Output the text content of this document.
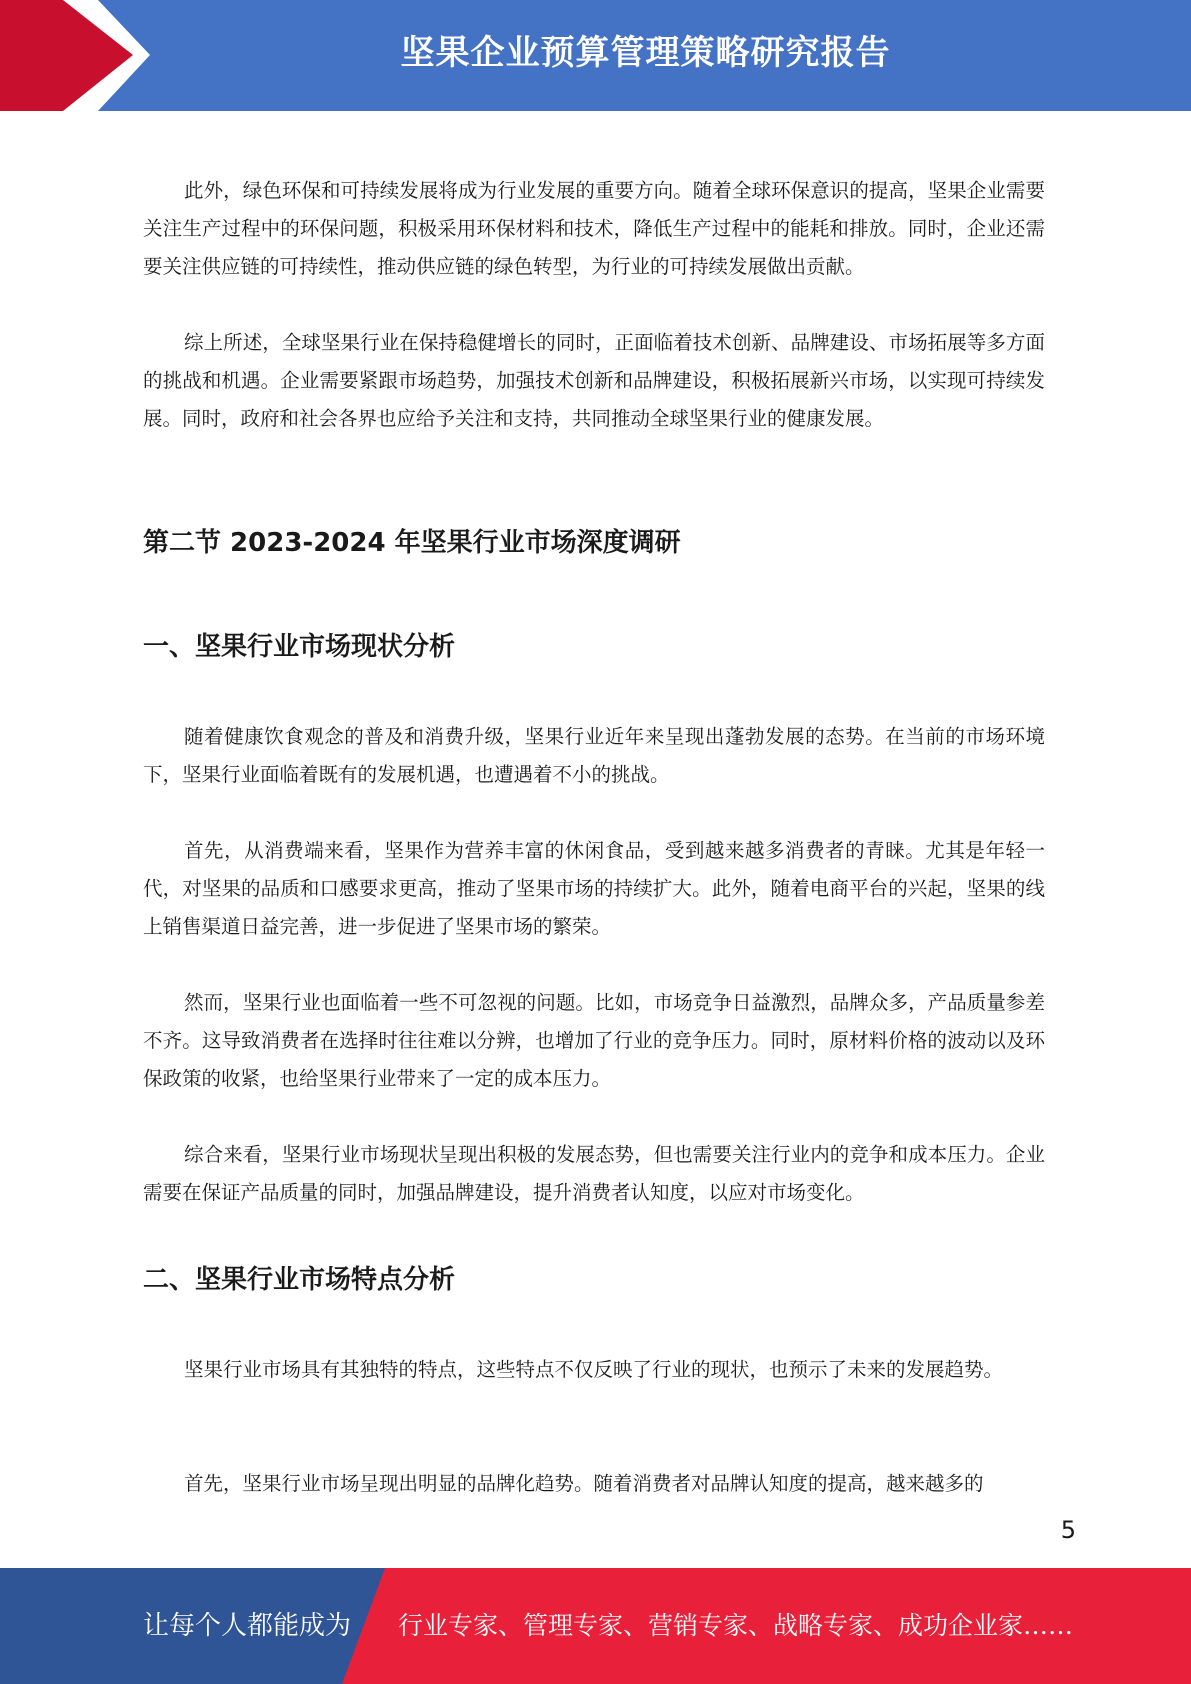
坚果企业预算管理策略研究报告

此外，绿色环保和可持续发展将成为行业发展的重要方向。随着全球环保意识的提高，坚果企业需要关注生产过程中的环保问题，积极采用环保材料和技术，降低生产过程中的能耗和排放。同时，企业还需要关注供应链的可持续性，推动供应链的绿色转型，为行业的可持续发展做出贡献。

综上所述，全球坚果行业在保持稳健增长的同时，正面临着技术创新、品牌建设、市场拓展等多方面的挑战和机遇。企业需要紧跟市场趋势，加强技术创新和品牌建设，积极拓展新兴市场，以实现可持续发展。同时，政府和社会各界也应给予关注和支持，共同推动全球坚果行业的健康发展。

第二节 2023-2024 年坚果行业市场深度调研
一、坚果行业市场现状分析

随着健康饮食观念的普及和消费升级，坚果行业近年来呈现出蓬勃发展的态势。在当前的市场环境下，坚果行业面临着既有的发展机遇，也遭遇着不小的挑战。

首先，从消费端来看，坚果作为营养丰富的休闲食品，受到越来越多消费者的青睐。尤其是年轻一代，对坚果的品质和口感要求更高，推动了坚果市场的持续扩大。此外，随着电商平台的兴起，坚果的线上销售渠道日益完善，进一步促进了坚果市场的繁荣。

然而，坚果行业也面临着一些不可忽视的问题。比如，市场竞争日益激烈，品牌众多，产品质量参差不齐。这导致消费者在选择时往往难以分辨，也增加了行业的竞争压力。同时，原材料价格的波动以及环保政策的收紧，也给坚果行业带来了一定的成本压力。

综合来看，坚果行业市场现状呈现出积极的发展态势，但也需要关注行业内的竞争和成本压力。企业需要在保证产品质量的同时，加强品牌建设，提升消费者认知度，以应对市场变化。

二、坚果行业市场特点分析

坚果行业市场具有其独特的特点，这些特点不仅反映了行业的现状，也预示了未来的发展趋势。

首先，坚果行业市场呈现出明显的品牌化趋势。随着消费者对品牌认知度的提高，越来越多的

5
让每个人都能成为 行业专家、管理专家、营销专家、战略专家、成功企业家……
